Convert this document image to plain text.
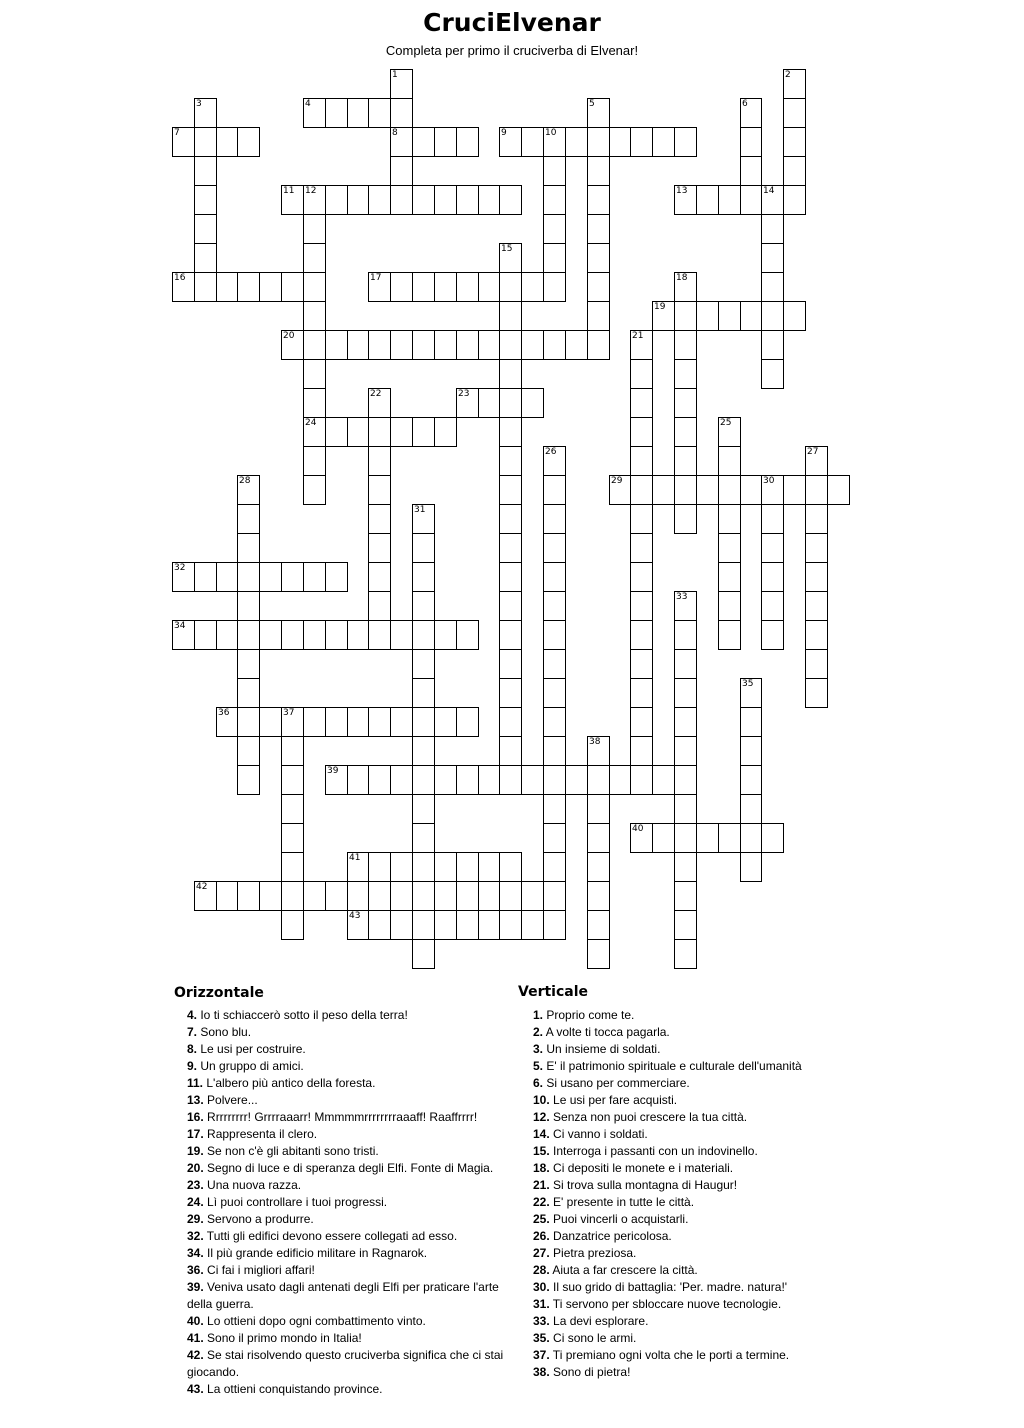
CruciElvenar
Completa per primo il cruciverba di Elvenar!
1	2
3	4	5	6
7	8	9	10
11 12	13	14
15
16	17	18
19
20	21
22	23
24	25
26	27
28	29	30
31
32
33
34
35
36	37
38
39
40
41
42
43
Orizzontale
4. Io ti schiaccerò sotto il peso della terra!
7. Sono blu.
8. Le usi per costruire.
9. Un gruppo di amici.
11. L'albero più antico della foresta.
13. Polvere...
16. Rrrrrrrrr! Grrrraaarr! Mmmmmrrrrrrrraaaff! Raaffrrrr!
17. Rappresenta il clero.
19. Se non c'è gli abitanti sono tristi.
20. Segno di luce e di speranza degli Elfi. Fonte di Magia.
23. Una nuova razza.
24. Lì puoi controllare i tuoi progressi.
29. Servono a produrre.
32. Tutti gli edifici devono essere collegati ad esso.
34. Il più grande edificio militare in Ragnarok.
36. Ci fai i migliori affari!
39. Veniva usato dagli antenati degli Elfi per praticare l'arte della guerra.
40. Lo ottieni dopo ogni combattimento vinto.
41. Sono il primo mondo in Italia!
42. Se stai risolvendo questo cruciverba significa che ci stai giocando.
43. La ottieni conquistando province.
Verticale
1. Proprio come te.
2. A volte ti tocca pagarla.
3. Un insieme di soldati.
5. E' il patrimonio spirituale e culturale dell'umanità
6. Si usano per commerciare.
10. Le usi per fare acquisti.
12. Senza non puoi crescere la tua città.
14. Ci vanno i soldati.
15. Interroga i passanti con un indovinello.
18. Ci depositi le monete e i materiali.
21. Si trova sulla montagna di Haugur!
22. E' presente in tutte le città.
25. Puoi vincerli o acquistarli.
26. Danzatrice pericolosa.
27. Pietra preziosa.
28. Aiuta a far crescere la città.
30. Il suo grido di battaglia: 'Per. madre. natura!'
31. Ti servono per sbloccare nuove tecnologie.
33. La devi esplorare.
35. Ci sono le armi.
37. Ti premiano ogni volta che le porti a termine.
38. Sono di pietra!
